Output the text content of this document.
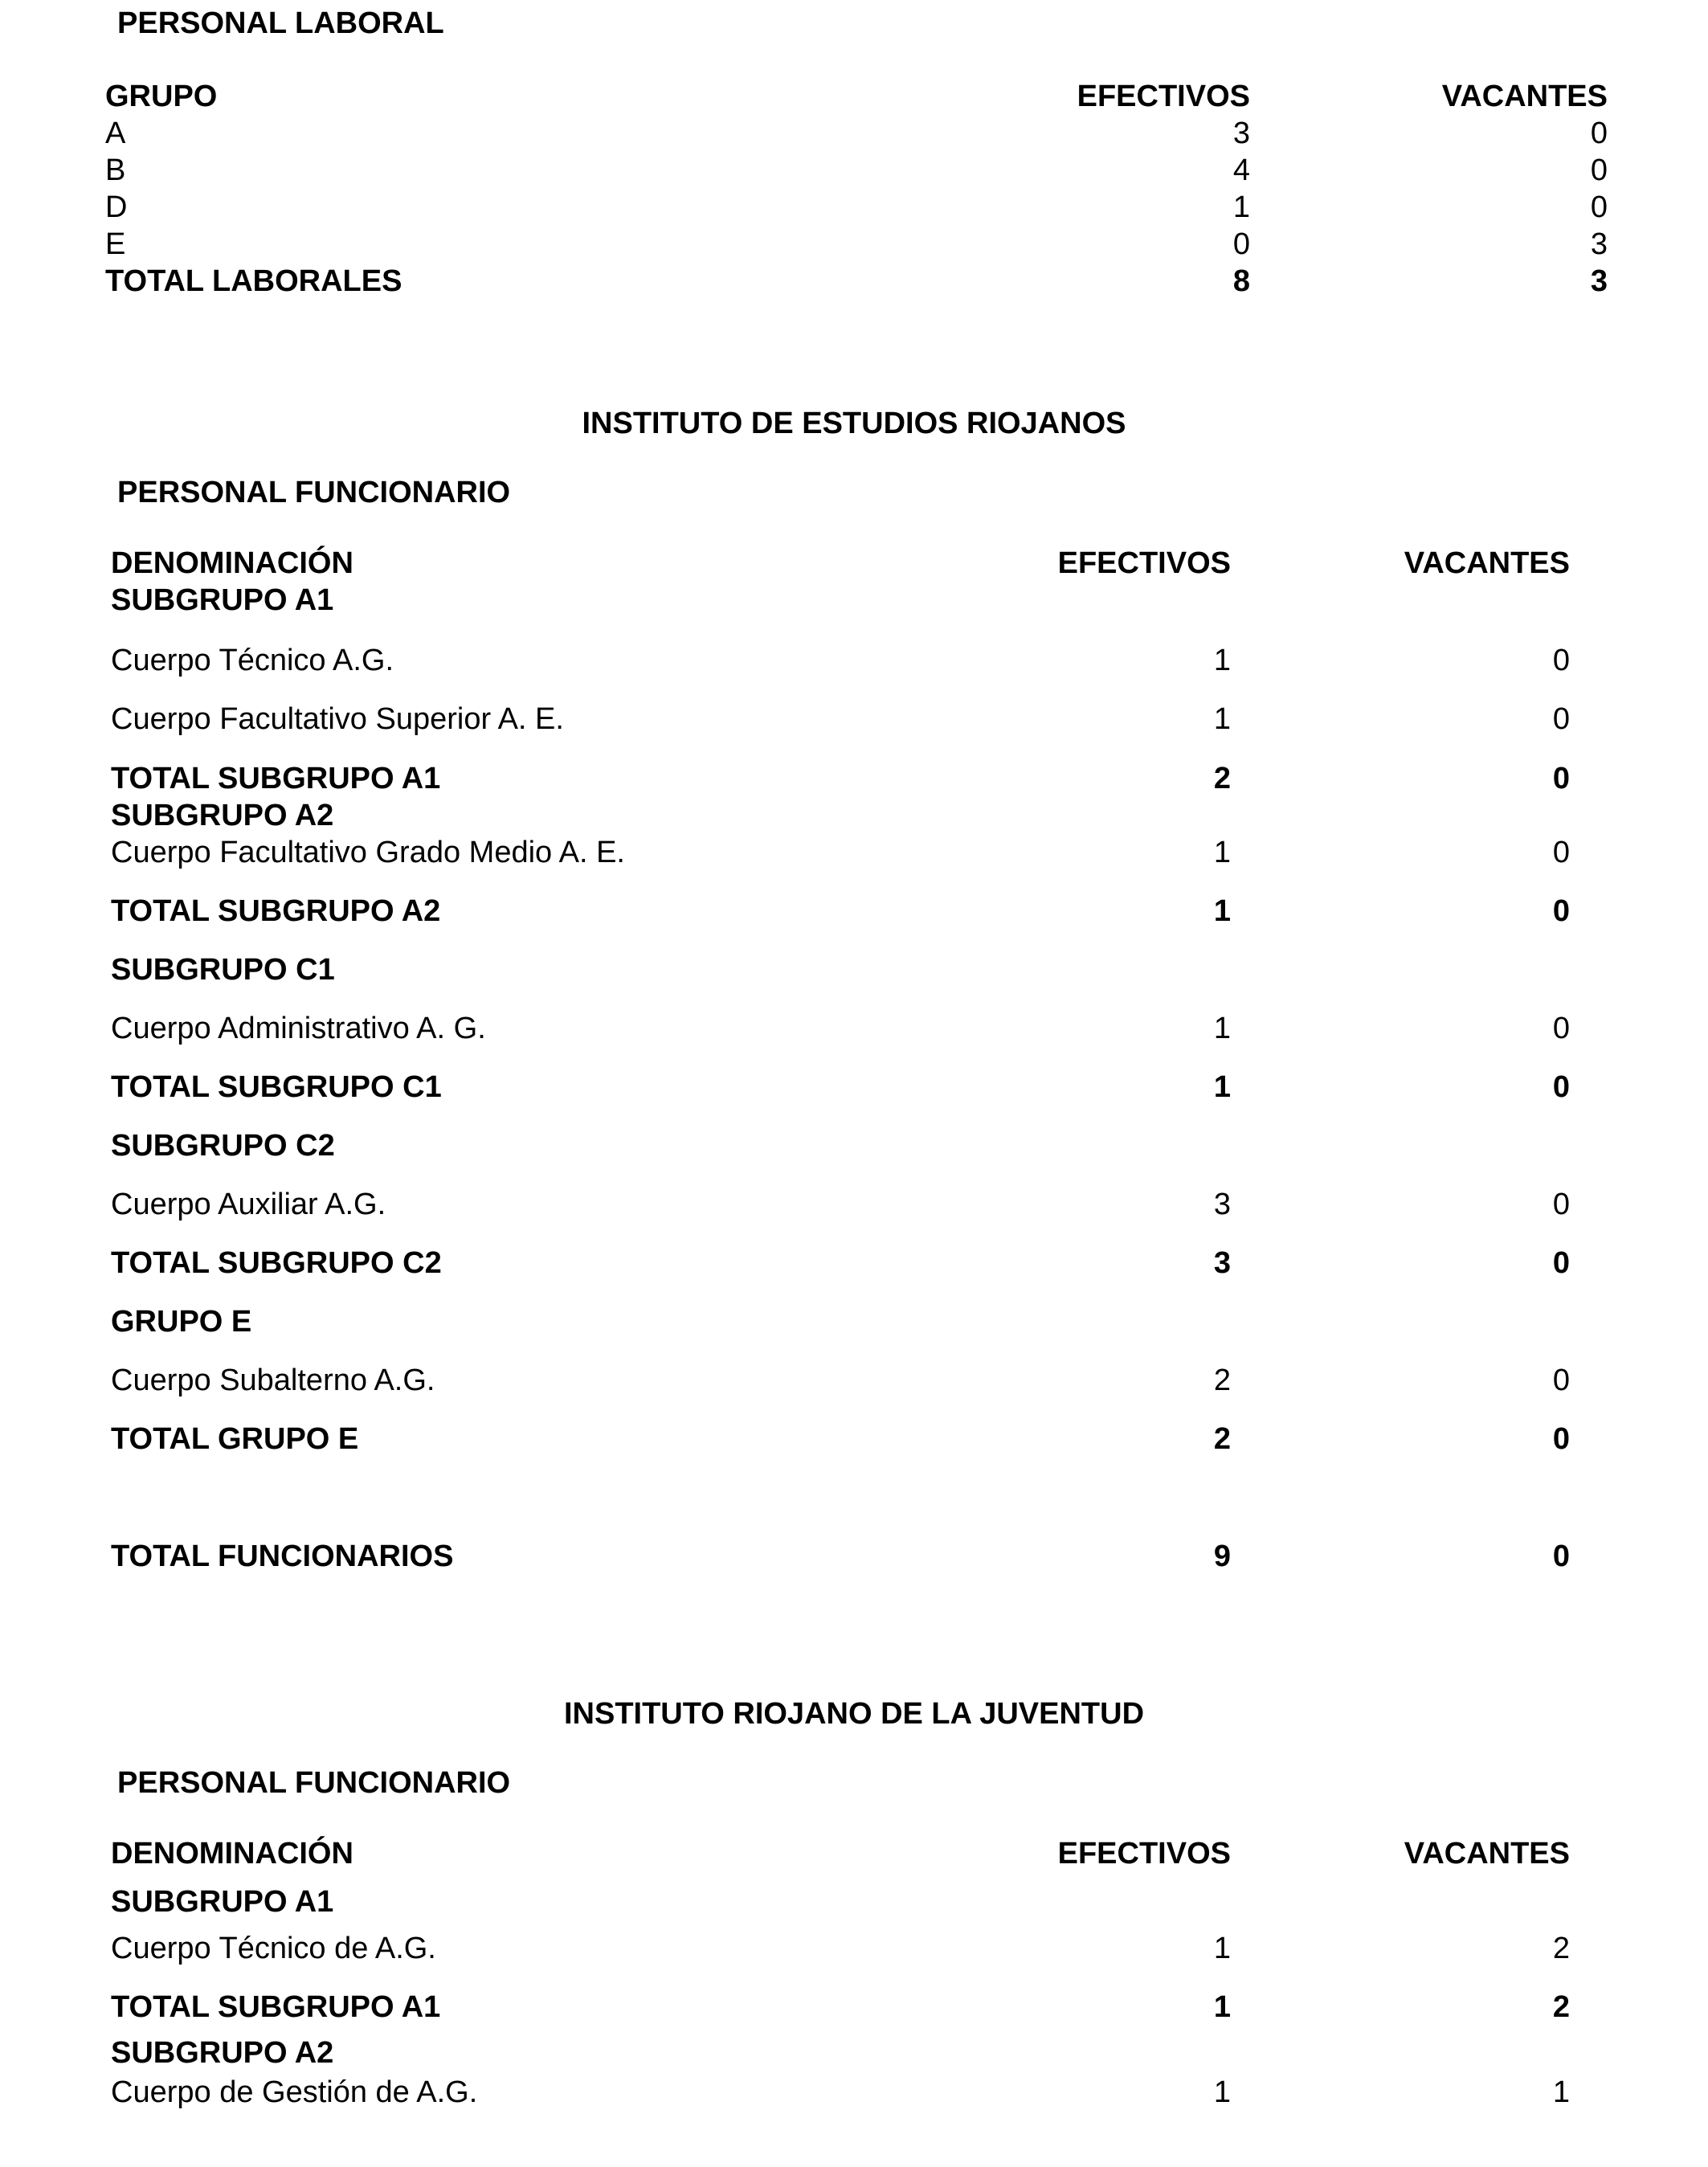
PERSONAL LABORAL
GRUPO	EFECTIVOS	VACANTES
A	3	0
B	4	0
D	1	0
E	0	3
TOTAL LABORALES	8	3
INSTITUTO DE ESTUDIOS RIOJANOS
PERSONAL FUNCIONARIO
DENOMINACIÓN	EFECTIVOS	VACANTES
SUBGRUPO A1
Cuerpo Técnico A.G.	1	0
Cuerpo Facultativo Superior A. E.	1	0
TOTAL SUBGRUPO A1	2	0
SUBGRUPO A2
Cuerpo Facultativo Grado Medio A. E.	1	0
TOTAL SUBGRUPO A2	1	0
SUBGRUPO C1
Cuerpo Administrativo A. G.	1	0
TOTAL SUBGRUPO C1	1	0
SUBGRUPO C2
Cuerpo Auxiliar A.G.	3	0
TOTAL SUBGRUPO C2	3	0
GRUPO E
Cuerpo Subalterno A.G.	2	0
TOTAL GRUPO E	2	0
TOTAL FUNCIONARIOS	9	0
INSTITUTO RIOJANO DE LA JUVENTUD
PERSONAL FUNCIONARIO
DENOMINACIÓN	EFECTIVOS	VACANTES
SUBGRUPO A1
Cuerpo Técnico de A.G.	1	2
TOTAL SUBGRUPO A1	1	2
SUBGRUPO A2
Cuerpo de Gestión de A.G.	1	1
